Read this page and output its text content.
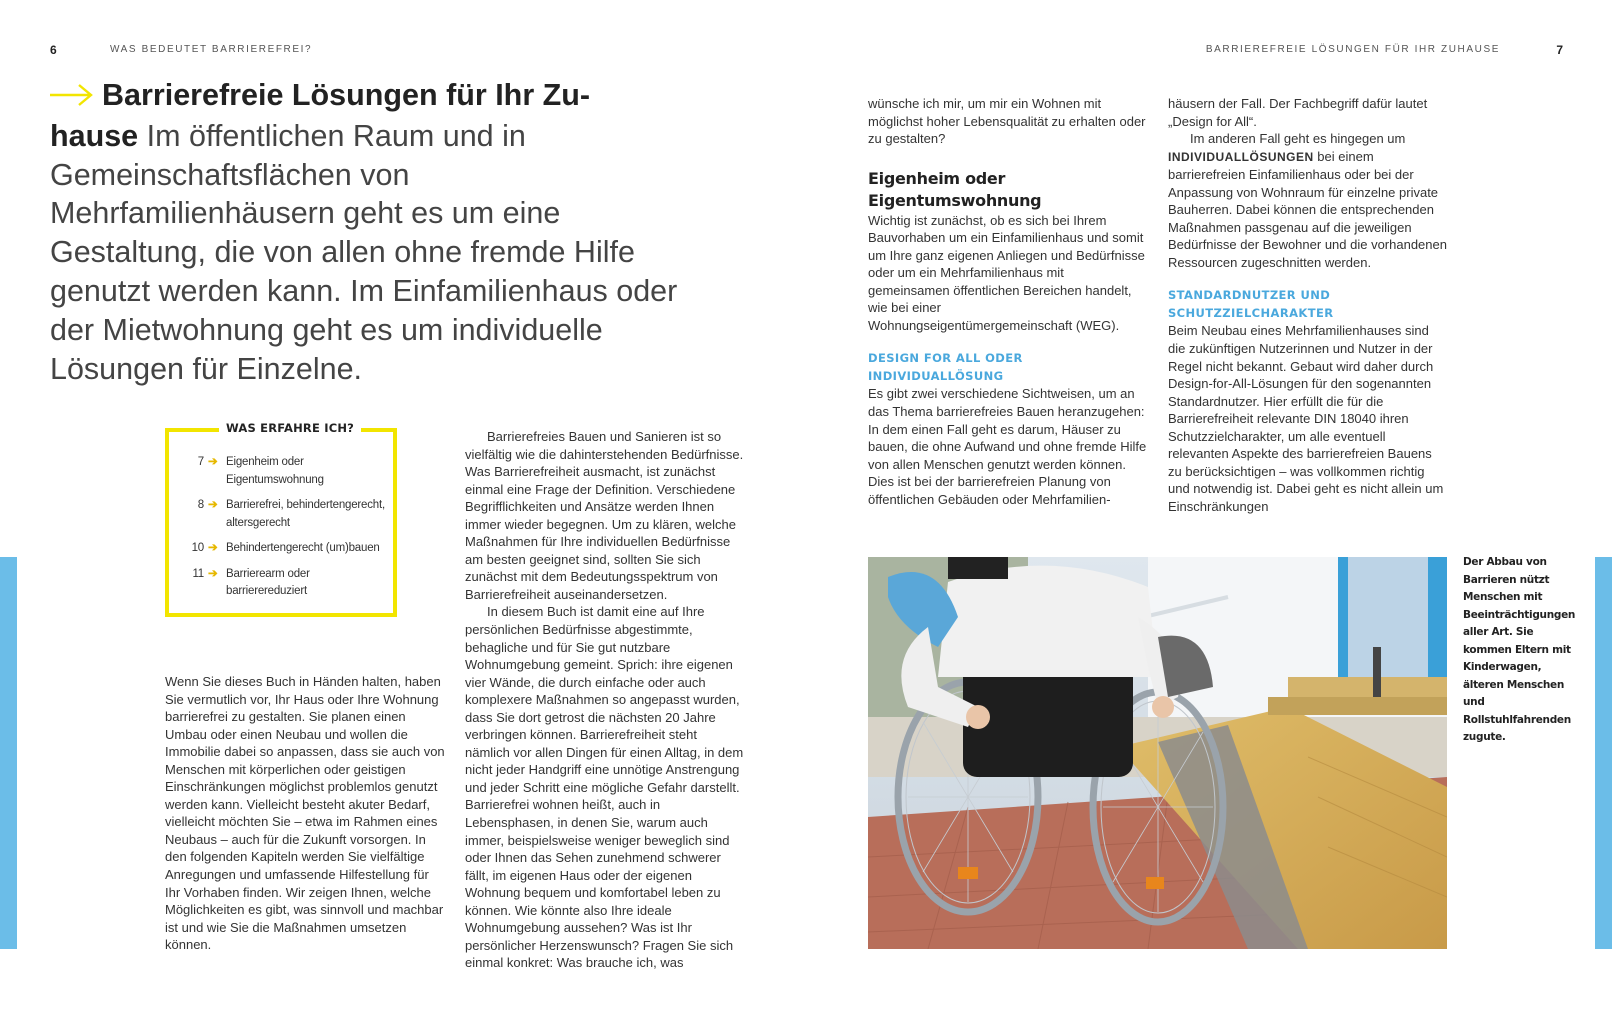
6	WAS BEDEUTET BARRIEREFREI?	BARRIEREFREIE LÖSUNGEN FÜR IHR ZUHAUSE	7
Barrierefreie Lösungen für Ihr Zu-
hause Im öffentlichen Raum und in Gemeinschaftsflächen von Mehrfamilienhäusern geht es um eine Gestaltung, die von allen ohne fremde Hilfe genutzt werden kann. Im Einfamilienhaus oder der Mietwohnung geht es um individuelle Lösungen für Einzelne.
WAS ERFAHRE ICH?
7 ➔ Eigenheim oder Eigentumswohnung
8 ➔ Barrierefrei, behindertengerecht, altersgerecht
10 ➔ Behindertengerecht (um)bauen
11 ➔ Barrierearm oder barrierereduziert

Wenn Sie dieses Buch in Händen halten, haben Sie vermutlich vor, Ihr Haus oder Ihre Wohnung barrierefrei zu gestalten. Sie planen einen Umbau oder einen Neubau und wollen die Immobilie dabei so anpassen, dass sie auch von Menschen mit körperlichen oder geistigen Einschränkungen möglichst problemlos genutzt werden kann. Vielleicht besteht akuter Bedarf, vielleicht möchten Sie – etwa im Rahmen eines Neubaus – auch für die Zukunft vorsorgen. In den folgenden Kapiteln werden Sie vielfältige Anregungen und umfassende Hilfestellung für Ihr Vorhaben finden. Wir zeigen Ihnen, welche Möglichkeiten es gibt, was sinnvoll und machbar ist und wie Sie die Maßnahmen umsetzen können.

Barrierefreies Bauen und Sanieren ist so vielfältig wie die dahinterstehenden Bedürfnisse. Was Barrierefreiheit ausmacht, ist zunächst einmal eine Frage der Definition. Verschiedene Begrifflichkeiten und Ansätze werden Ihnen immer wieder begegnen. Um zu klären, welche Maßnahmen für Ihre individuellen Bedürfnisse am besten geeignet sind, sollten Sie sich zunächst mit dem Bedeutungsspektrum von Barrierefreiheit auseinandersetzen.

In diesem Buch ist damit eine auf Ihre persönlichen Bedürfnisse abgestimmte, behagliche und für Sie gut nutzbare Wohnumgebung gemeint. Sprich: ihre eigenen vier Wände, die durch einfache oder auch komplexere Maßnahmen so angepasst wurden, dass Sie dort getrost die nächsten 20 Jahre verbringen können. Barrierefreiheit steht nämlich vor allen Dingen für einen Alltag, in dem nicht jeder Handgriff eine unnötige Anstrengung und jeder Schritt eine mögliche Gefahr darstellt. Barrierefrei wohnen heißt, auch in Lebensphasen, in denen Sie, warum auch immer, beispielsweise weniger beweglich sind oder Ihnen das Sehen zunehmend schwerer fällt, im eigenen Haus oder der eigenen Wohnung bequem und komfortabel leben zu können. Wie könnte also Ihre ideale Wohnumgebung aussehen? Was ist Ihr persönlicher Herzenswunsch? Fragen Sie sich einmal konkret: Was brauche ich, was

wünsche ich mir, um mir ein Wohnen mit möglichst hoher Lebensqualität zu erhalten oder zu gestalten?

Eigenheim oder Eigentumswohnung

Wichtig ist zunächst, ob es sich bei Ihrem Bauvorhaben um ein Einfamilienhaus und somit um Ihre ganz eigenen Anliegen und Bedürfnisse oder um ein Mehrfamilienhaus mit gemeinsamen öffentlichen Bereichen handelt, wie bei einer Wohnungseigentümergemeinschaft (WEG).

DESIGN FOR ALL ODER INDIVIDUALLÖSUNG

Es gibt zwei verschiedene Sichtweisen, um an das Thema barrierefreies Bauen heranzugehen: In dem einen Fall geht es darum, Häuser zu bauen, die ohne Aufwand und ohne fremde Hilfe von allen Menschen genutzt werden können. Dies ist bei der barrierefreien Planung von öffentlichen Gebäuden oder Mehrfamilien-

häusern der Fall. Der Fachbegriff dafür lautet „Design for All“.

Im anderen Fall geht es hingegen um INDIVIDUALLÖSUNGEN bei einem barrierefreien Einfamilienhaus oder bei der Anpassung von Wohnraum für einzelne private Bauherren. Dabei können die entsprechenden Maßnahmen passgenau auf die jeweiligen Bedürfnisse der Bewohner und die vorhandenen Ressourcen zugeschnitten werden.

STANDARDNUTZER UND SCHUTZZIELCHARAKTER

Beim Neubau eines Mehrfamilienhauses sind die zukünftigen Nutzerinnen und Nutzer in der Regel nicht bekannt. Gebaut wird daher durch Design-for-All-Lösungen für den sogenannten Standardnutzer. Hier erfüllt die für die Barrierefreiheit relevante DIN 18040 ihren Schutzzielcharakter, um alle eventuell relevanten Aspekte des barrierefreien Bauens zu berücksichtigen – was vollkommen richtig und notwendig ist. Dabei geht es nicht allein um Einschränkungen

Der Abbau von Barrieren nützt Menschen mit Beeinträchtigungen aller Art. Sie kommen Eltern mit Kinderwagen, älteren Menschen und Rollstuhlfahrenden zugute.
